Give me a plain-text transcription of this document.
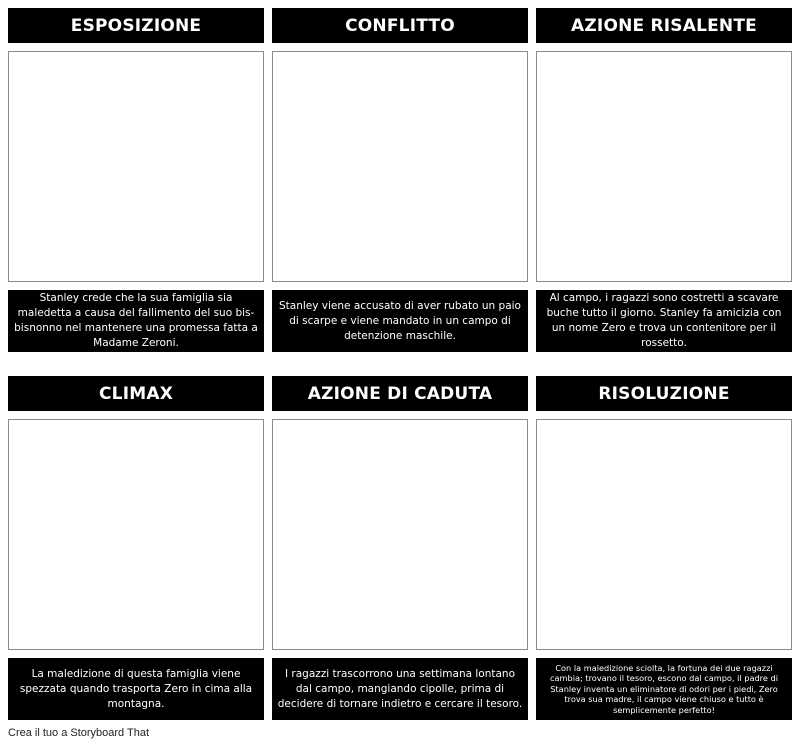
ESPOSIZIONE
Stanley crede che la sua famiglia sia maledetta a causa del fallimento del suo bis-bisnonno nel mantenere una promessa fatta a Madame Zeroni.
CONFLITTO
Stanley viene accusato di aver rubato un paio di scarpe e viene mandato in un campo di detenzione maschile.
AZIONE RISALENTE
Al campo, i ragazzi sono costretti a scavare buche tutto il giorno. Stanley fa amicizia con un nome Zero e trova un contenitore per il rossetto.
CLIMAX
La maledizione di questa famiglia viene spezzata quando trasporta Zero in cima alla montagna.
AZIONE DI CADUTA
I ragazzi trascorrono una settimana lontano dal campo, mangiando cipolle, prima di decidere di tornare indietro e cercare il tesoro.
RISOLUZIONE
Con la maledizione sciolta, la fortuna dei due ragazzi cambia; trovano il tesoro, escono dal campo, il padre di Stanley inventa un eliminatore di odori per i piedi, Zero trova sua madre, il campo viene chiuso e tutto è semplicemente perfetto!
Crea il tuo a Storyboard That
